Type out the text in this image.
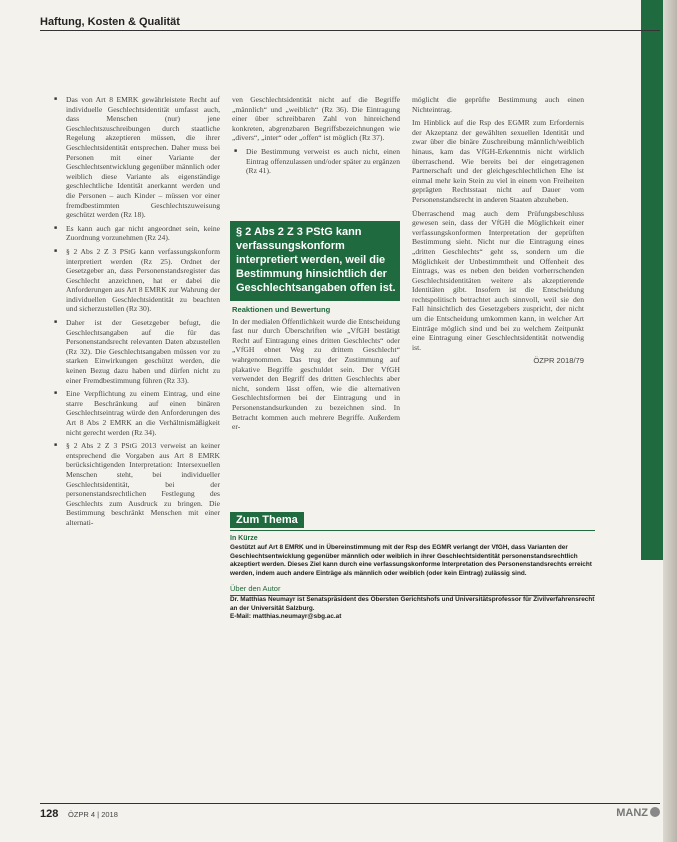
Haftung, Kosten & Qualität
■ Das von Art 8 EMRK gewährleistete Recht auf individuelle Geschlechtsidentität umfasst auch, dass Menschen (nur) jene Geschlechtszuschreibungen durch staatliche Regelung akzeptieren müssen, die ihrer Geschlechtsidentität entsprechen. Daher muss bei Personen mit einer Variante der Geschlechtsentwicklung gegenüber männlich oder weiblich diese Variante als eigenständige geschlechtliche Identität anerkannt werden und die Personen – auch Kinder – müssen vor einer fremdbestimmten Geschlechtszuweisung geschützt werden (Rz 18).
■ Es kann auch gar nicht angeordnet sein, keine Zuordnung vorzunehmen (Rz 24).
■ § 2 Abs 2 Z 3 PStG kann verfassungskonform interpretiert werden (Rz 25). Ordnet der Gesetzgeber an, dass Personenstandsregister das Geschlecht anzeichnen, hat er dabei die Anforderungen aus Art 8 EMRK zur Wahrung der individuellen Geschlechtsidentität zu beachten und sicherzustellen (Rz 30).
■ Daher ist der Gesetzgeber befugt, die Geschlechtsangaben auf die für das Personenstandsrecht relevanten Daten abzustellen (Rz 32). Die Geschlechtsangaben müssen vor zu starken Einwirkungen geschützt werden, die keinen Bezug dazu haben und dürfen nicht zu einer Fremdbestimmung führen (Rz 33).
■ Eine Verpflichtung zu einem Eintrag, und eine starre Beschränkung auf einen binären Geschlechtseintrag würde den Anforderungen des Art 8 Abs 2 EMRK an die Verhältnismäßigkeit nicht gerecht werden (Rz 34).
■ § 2 Abs 2 Z 3 PStG 2013 verweist an keiner entsprechend die Vorgaben aus Art 8 EMRK berücksichtigenden Interpretation: Intersexuellen Menschen steht, bei individueller Geschlechtsidentität, bei der personenstandsrechtlichen Festlegung des Geschlechts zum Ausdruck zu bringen. Die Bestimmung beschränkt Menschen mit einer alternati-

ven Geschlechtsidentität nicht auf die Begriffe „männlich“ und „weiblich“ (Rz 36). Die Eintragung einer über schreibbaren Zahl von hinreichend konkreten, abgrenzbaren Begriffsbezeichnungen wie „divers“, „inter“ oder „offen“ ist möglich (Rz 37).

■ Die Bestimmung verweist es auch nicht, einen Eintrag offenzulassen und/oder später zu ergänzen (Rz 41).
§ 2 Abs 2 Z 3 PStG kann verfassungskonform interpretiert werden, weil die Bestimmung hinsichtlich der Geschlechtsangaben offen ist.
Reaktionen und Bewertung

In der medialen Öffentlichkeit wurde die Entscheidung fast nur durch Überschriften wie „VfGH bestätigt Recht auf Eintragung eines dritten Geschlechts“ oder „VfGH ebnet Weg zu drittem Geschlecht“ wahrgenommen. Das trug der Zustimmung auf plakative Begriffe geschuldet sein. Der VfGH verwendet den Begriff des dritten Geschlechts aber nicht, sondern lässt offen, wie die alternativen Geschlechtsformen bei der Eintragung und in Personenstandsurkunden zu bezeichnen sind. In Betracht kommen auch mehrere Begriffe. Außerdem er-

möglicht die geprüfte Bestimmung auch einen Nichteintrag.

Im Hinblick auf die Rsp des EGMR zum Erfordernis der Akzeptanz der gewählten sexuellen Identität und zwar über die binäre Zuschreibung männlich/weiblich hinaus, kam das VfGH-Erkenntnis nicht wirklich überraschend. Wie bereits bei der eingetragenen Partnerschaft und der gleichgeschlechtlichen Ehe ist einmal mehr kein Stein zu viel in einem von Freiheiten geprägten Rechtsstaat nicht auf Dauer vom Personenstandsrecht in anderen Staaten abzuheben.

Überraschend mag auch dem Prüfungsbeschluss gewesen sein, dass der VfGH die Möglichkeit einer verfassungskonformen Interpretation der geprüften Bestimmung sieht. Nicht nur die Eintragung eines „dritten Geschlechts“ geht ss, sondern um die Möglichkeit der Unbestimmtheit und Offenheit des Eintrags, was es neben den beiden vorherrschenden Geschlechtsidentitäten weitere als akzeptierende Identitäten gibt. Insofern ist die Entscheidung rechtspolitisch betrachtet auch sinnvoll, weil sie den Fall hinsichtlich des Gesetzgebers zuspricht, der nicht um die Entscheidung umkommen kann, in welcher Art Einträge möglich sind und bei zu welchem Zeitpunkt eine Eintragung einer Geschlechtsidentität notwendig ist.

ÖZPR 2018/79
Zum Thema
In Kürze
Gestützt auf Art 8 EMRK und in Übereinstimmung mit der Rsp des EGMR verlangt der VfGH, dass Varianten der Geschlechtsentwicklung gegenüber männlich oder weiblich in ihrer Geschlechtsidentität personenstandsrechtlich akzeptiert werden. Dieses Ziel kann durch eine verfassungskonforme Interpretation des Personenstandsrechts erreicht werden, indem auch andere Einträge als männlich oder weiblich (oder kein Eintrag) zulässig sind.
Über den Autor
Dr. Matthias Neumayr ist Senatspräsident des Obersten Gerichtshofs und Universitätsprofessor für Zivilverfahrensrecht an der Universität Salzburg.
E-Mail: matthias.neumayr@sbg.ac.at
128 ÖZPR 4 | 2018	MANZ
